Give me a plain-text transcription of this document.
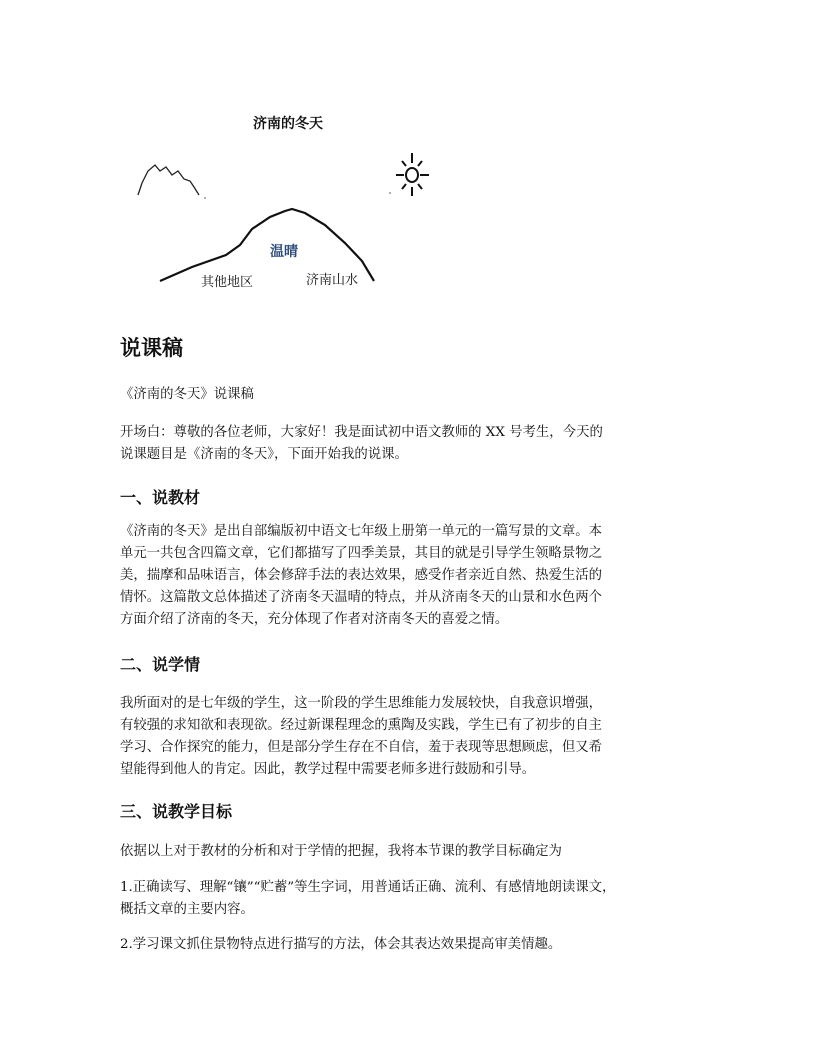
济南的冬天
温晴
其他地区	济南山水
说课稿

《济南的冬天》说课稿

开场白：尊敬的各位老师，大家好！我是面试初中语文教师的 XX 号考生，今天的
说课题目是《济南的冬天》，下面开始我的说课。

一、说教材

《济南的冬天》是出自部编版初中语文七年级上册第一单元的一篇写景的文章。本
单元一共包含四篇文章，它们都描写了四季美景，其目的就是引导学生领略景物之
美，揣摩和品味语言，体会修辞手法的表达效果，感受作者亲近自然、热爱生活的
情怀。这篇散文总体描述了济南冬天温晴的特点，并从济南冬天的山景和水色两个
方面介绍了济南的冬天，充分体现了作者对济南冬天的喜爱之情。

二、说学情

我所面对的是七年级的学生，这一阶段的学生思维能力发展较快，自我意识增强，
有较强的求知欲和表现欲。经过新课程理念的熏陶及实践，学生已有了初步的自主
学习、合作探究的能力，但是部分学生存在不自信，羞于表现等思想顾虑，但又希
望能得到他人的肯定。因此，教学过程中需要老师多进行鼓励和引导。

三、说教学目标

依据以上对于教材的分析和对于学情的把握，我将本节课的教学目标确定为

1.正确读写、理解“镶”“贮蓄”等生字词，用普通话正确、流利、有感情地朗读课文，
概括文章的主要内容。

2.学习课文抓住景物特点进行描写的方法，体会其表达效果提高审美情趣。
